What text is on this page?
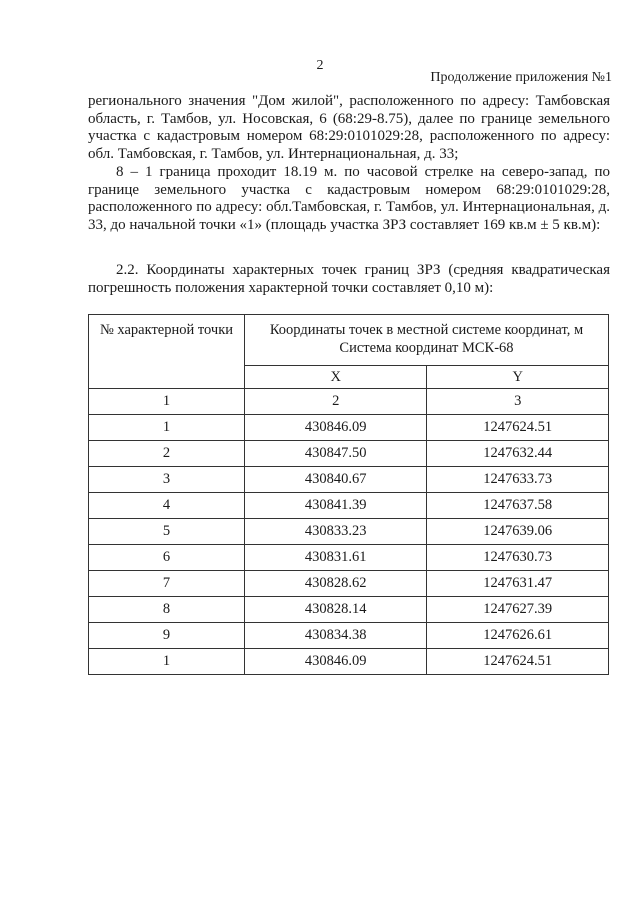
2
Продолжение приложения №1
регионального значения "Дом жилой", расположенного по адресу: Тамбовская область, г. Тамбов, ул. Носовская, 6 (68:29-8.75), далее по границе земельного участка с кадастровым номером 68:29:0101029:28, расположенного по адресу: обл. Тамбовская, г. Тамбов, ул. Интернациональная, д. 33;
8 – 1 граница проходит 18.19 м. по часовой стрелке на северо-запад, по границе земельного участка с кадастровым номером 68:29:0101029:28, расположенного по адресу: обл.Тамбовская, г. Тамбов, ул. Интернациональная, д. 33, до начальной точки «1» (площадь участка ЗРЗ составляет 169 кв.м ± 5 кв.м):
2.2. Координаты характерных точек границ ЗРЗ (средняя квадратическая погрешность положения характерной точки составляет 0,10 м):
№ характерной точки	Координаты точек в местной системе координат, м
Система координат МСК-68	

	X	Y
1	2	3
1	430846.09	1247624.51
2	430847.50	1247632.44
3	430840.67	1247633.73
4	430841.39	1247637.58
5	430833.23	1247639.06
6	430831.61	1247630.73
7	430828.62	1247631.47
8	430828.14	1247627.39
9	430834.38	1247626.61
1	430846.09	1247624.51
